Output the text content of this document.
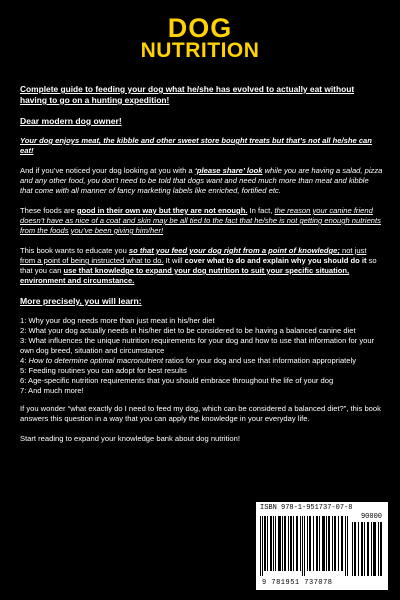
DOG
NUTRITION

Complete guide to feeding your dog what he/she has evolved to actually eat without having to go on a hunting expedition!

Dear modern dog owner!

Your dog enjoys meat, the kibble and other sweet store bought treats but that’s not all he/she can eat!

And if you’ve noticed your dog looking at you with a ‘please share’ look while you are having a salad, pizza and any other food, you don’t need to be told that dogs want and need much more than meat and kibble that come with all manner of fancy marketing labels like enriched, fortified etc.

These foods are good in their own way but they are not enough. In fact, the reason your canine friend doesn’t have as nice of a coat and skin may be all tied to the fact that he/she is not getting enough nutrients from the foods you’ve been giving him/her!

This book wants to educate you so that you feed your dog right from a point of knowledge; not just from a point of being instructed what to do. It will cover what to do and explain why you should do it so that you can use that knowledge to expand your dog nutrition to suit your specific situation, environment and circumstance.

More precisely, you will learn:

1: Why your dog needs more than just meat in his/her diet
2: What your dog actually needs in his/her diet to be considered to be having a balanced canine diet
3: What influences the unique nutrition requirements for your dog and how to use that information for your own dog breed, situation and circumstance
4: How to determine optimal macronutrient ratios for your dog and use that information appropriately
5: Feeding routines you can adopt for best results
6: Age-specific nutrition requirements that you should embrace throughout the life of your dog
7: And much more!

If you wonder “what exactly do I need to feed my dog, which can be considered a balanced diet?”, this book answers this question in a way that you can apply the knowledge in your everyday life.

Start reading to expand your knowledge bank about dog nutrition!

ISBN 978-1-951737-07-8
90000
9 781951 737078
